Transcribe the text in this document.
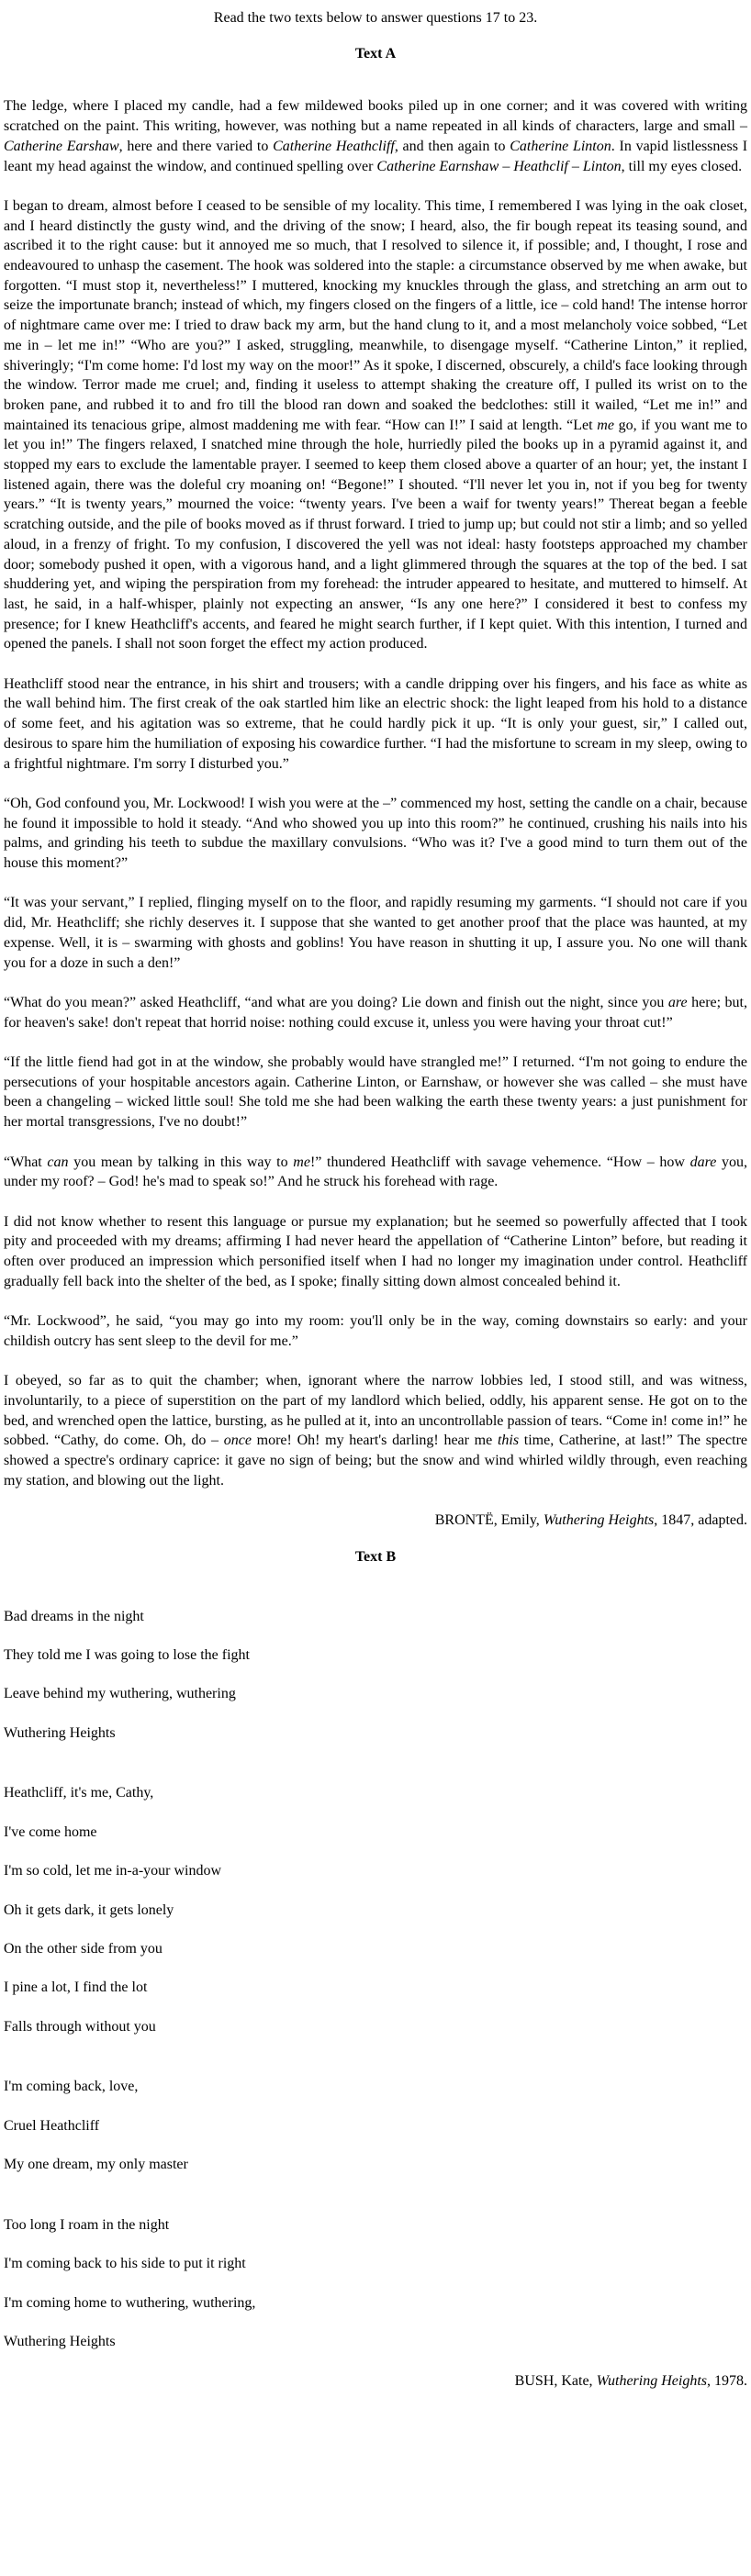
Read the two texts below to answer questions 17 to 23.
Text A

The ledge, where I placed my candle, had a few mildewed books piled up in one corner; and it was covered with writing scratched on the paint. This writing, however, was nothing but a name repeated in all kinds of characters, large and small – Catherine Earshaw, here and there varied to Catherine Heathcliff, and then again to Catherine Linton. In vapid listlessness I leant my head against the window, and continued spelling over Catherine Earnshaw – Heathclif – Linton, till my eyes closed.

I began to dream, almost before I ceased to be sensible of my locality. This time, I remembered I was lying in the oak closet, and I heard distinctly the gusty wind, and the driving of the snow; I heard, also, the fir bough repeat its teasing sound, and ascribed it to the right cause: but it annoyed me so much, that I resolved to silence it, if possible; and, I thought, I rose and endeavoured to unhasp the casement. The hook was soldered into the staple: a circumstance observed by me when awake, but forgotten. “I must stop it, nevertheless!” I muttered, knocking my knuckles through the glass, and stretching an arm out to seize the importunate branch; instead of which, my fingers closed on the fingers of a little, ice – cold hand! The intense horror of nightmare came over me: I tried to draw back my arm, but the hand clung to it, and a most melancholy voice sobbed, “Let me in – let me in!” “Who are you?” I asked, struggling, meanwhile, to disengage myself. “Catherine Linton,” it replied, shiveringly; “I'm come home: I'd lost my way on the moor!” As it spoke, I discerned, obscurely, a child's face looking through the window. Terror made me cruel; and, finding it useless to attempt shaking the creature off, I pulled its wrist on to the broken pane, and rubbed it to and fro till the blood ran down and soaked the bedclothes: still it wailed, “Let me in!” and maintained its tenacious gripe, almost maddening me with fear. “How can I!” I said at length. “Let me go, if you want me to let you in!” The fingers relaxed, I snatched mine through the hole, hurriedly piled the books up in a pyramid against it, and stopped my ears to exclude the lamentable prayer. I seemed to keep them closed above a quarter of an hour; yet, the instant I listened again, there was the doleful cry moaning on! “Begone!” I shouted. “I'll never let you in, not if you beg for twenty years.” “It is twenty years,” mourned the voice: “twenty years. I've been a waif for twenty years!” Thereat began a feeble scratching outside, and the pile of books moved as if thrust forward. I tried to jump up; but could not stir a limb; and so yelled aloud, in a frenzy of fright. To my confusion, I discovered the yell was not ideal: hasty footsteps approached my chamber door; somebody pushed it open, with a vigorous hand, and a light glimmered through the squares at the top of the bed. I sat shuddering yet, and wiping the perspiration from my forehead: the intruder appeared to hesitate, and muttered to himself. At last, he said, in a half-whisper, plainly not expecting an answer, “Is any one here?” I considered it best to confess my presence; for I knew Heathcliff's accents, and feared he might search further, if I kept quiet. With this intention, I turned and opened the panels. I shall not soon forget the effect my action produced.

Heathcliff stood near the entrance, in his shirt and trousers; with a candle dripping over his fingers, and his face as white as the wall behind him. The first creak of the oak startled him like an electric shock: the light leaped from his hold to a distance of some feet, and his agitation was so extreme, that he could hardly pick it up. “It is only your guest, sir,” I called out, desirous to spare him the humiliation of exposing his cowardice further. “I had the misfortune to scream in my sleep, owing to a frightful nightmare. I'm sorry I disturbed you.”

“Oh, God confound you, Mr. Lockwood! I wish you were at the –” commenced my host, setting the candle on a chair, because he found it impossible to hold it steady. “And who showed you up into this room?” he continued, crushing his nails into his palms, and grinding his teeth to subdue the maxillary convulsions. “Who was it? I've a good mind to turn them out of the house this moment?”

“It was your servant,” I replied, flinging myself on to the floor, and rapidly resuming my garments. “I should not care if you did, Mr. Heathcliff; she richly deserves it. I suppose that she wanted to get another proof that the place was haunted, at my expense. Well, it is – swarming with ghosts and goblins! You have reason in shutting it up, I assure you. No one will thank you for a doze in such a den!”

“What do you mean?” asked Heathcliff, “and what are you doing? Lie down and finish out the night, since you are here; but, for heaven's sake! don't repeat that horrid noise: nothing could excuse it, unless you were having your throat cut!”

“If the little fiend had got in at the window, she probably would have strangled me!” I returned. “I'm not going to endure the persecutions of your hospitable ancestors again. Catherine Linton, or Earnshaw, or however she was called – she must have been a changeling – wicked little soul! She told me she had been walking the earth these twenty years: a just punishment for her mortal transgressions, I've no doubt!”

“What can you mean by talking in this way to me!” thundered Heathcliff with savage vehemence. “How – how dare you, under my roof? – God! he's mad to speak so!” And he struck his forehead with rage.

I did not know whether to resent this language or pursue my explanation; but he seemed so powerfully affected that I took pity and proceeded with my dreams; affirming I had never heard the appellation of “Catherine Linton” before, but reading it often over produced an impression which personified itself when I had no longer my imagination under control. Heathcliff gradually fell back into the shelter of the bed, as I spoke; finally sitting down almost concealed behind it.

“Mr. Lockwood”, he said, “you may go into my room: you'll only be in the way, coming downstairs so early: and your childish outcry has sent sleep to the devil for me.”

I obeyed, so far as to quit the chamber; when, ignorant where the narrow lobbies led, I stood still, and was witness, involuntarily, to a piece of superstition on the part of my landlord which belied, oddly, his apparent sense. He got on to the bed, and wrenched open the lattice, bursting, as he pulled at it, into an uncontrollable passion of tears. “Come in! come in!” he sobbed. “Cathy, do come. Oh, do – once more! Oh! my heart's darling! hear me this time, Catherine, at last!” The spectre showed a spectre's ordinary caprice: it gave no sign of being; but the snow and wind whirled wildly through, even reaching my station, and blowing out the light.

BRONTË, Emily, Wuthering Heights, 1847, adapted.
Text B
Bad dreams in the night
They told me I was going to lose the fight
Leave behind my wuthering, wuthering
Wuthering Heights
Heathcliff, it's me, Cathy,
I've come home
I'm so cold, let me in-a-your window
Oh it gets dark, it gets lonely
On the other side from you
I pine a lot, I find the lot
Falls through without you
I'm coming back, love,
Cruel Heathcliff
My one dream, my only master
Too long I roam in the night
I'm coming back to his side to put it right
I'm coming home to wuthering, wuthering,
Wuthering Heights
BUSH, Kate, Wuthering Heights, 1978.
